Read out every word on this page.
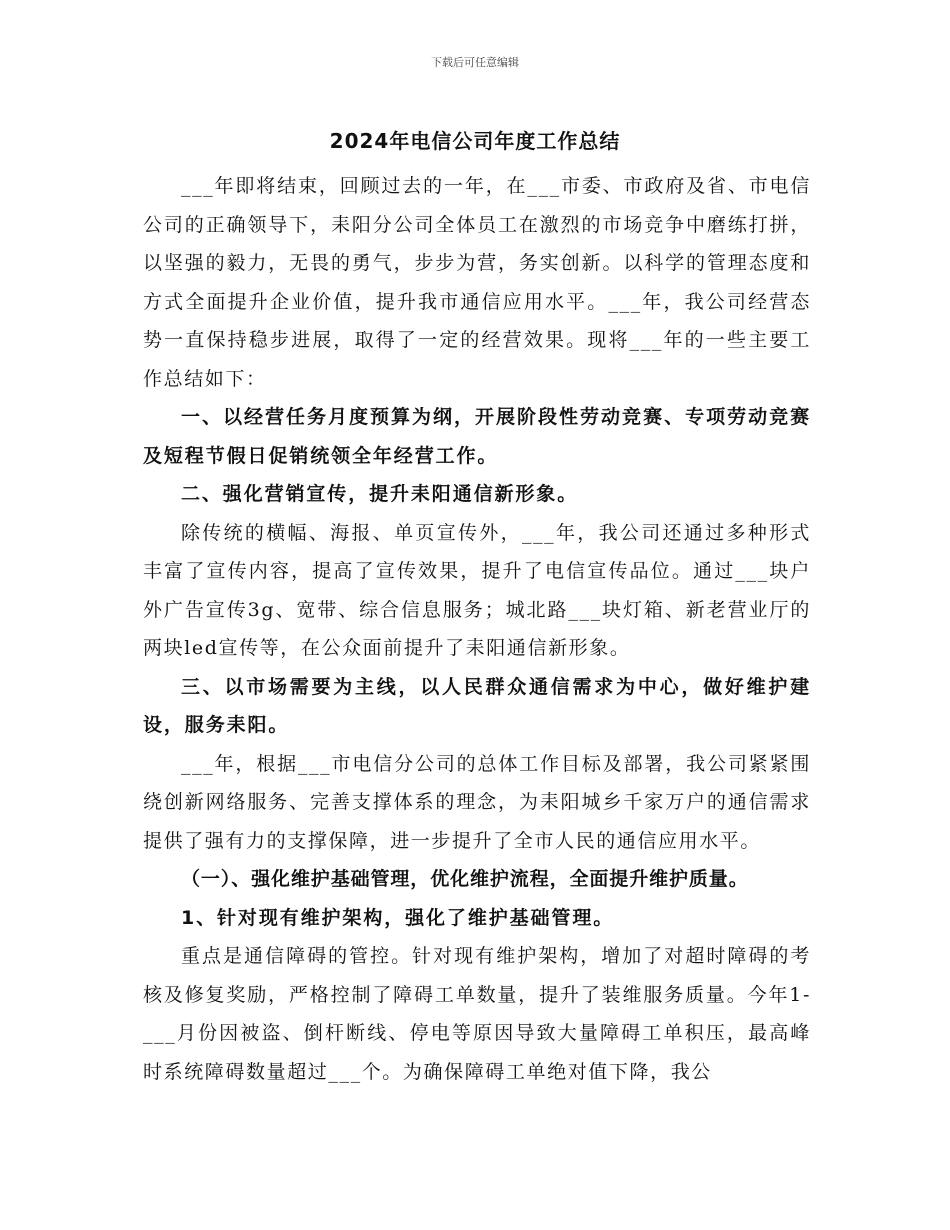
下载后可任意编辑
2024年电信公司年度工作总结

___年即将结束，回顾过去的一年，在___市委、市政府及省、市电信公司的正确领导下，耒阳分公司全体员工在激烈的市场竞争中磨练打拼，以坚强的毅力，无畏的勇气，步步为营，务实创新。以科学的管理态度和方式全面提升企业价值，提升我市通信应用水平。___年，我公司经营态势一直保持稳步进展，取得了一定的经营效果。现将___年的一些主要工作总结如下：

一、以经营任务月度预算为纲，开展阶段性劳动竞赛、专项劳动竞赛及短程节假日促销统领全年经营工作。

二、强化营销宣传，提升耒阳通信新形象。

除传统的横幅、海报、单页宣传外，___年，我公司还通过多种形式丰富了宣传内容，提高了宣传效果，提升了电信宣传品位。通过___块户外广告宣传3g、宽带、综合信息服务；城北路___块灯箱、新老营业厅的两块led宣传等，在公众面前提升了耒阳通信新形象。

三、以市场需要为主线，以人民群众通信需求为中心，做好维护建设，服务耒阳。

___年，根据___市电信分公司的总体工作目标及部署，我公司紧紧围绕创新网络服务、完善支撑体系的理念，为耒阳城乡千家万户的通信需求提供了强有力的支撑保障，进一步提升了全市人民的通信应用水平。

（一）、强化维护基础管理，优化维护流程，全面提升维护质量。

1、针对现有维护架构，强化了维护基础管理。

重点是通信障碍的管控。针对现有维护架构，增加了对超时障碍的考核及修复奖励，严格控制了障碍工单数量，提升了装维服务质量。今年1-___月份因被盗、倒杆断线、停电等原因导致大量障碍工单积压，最高峰时系统障碍数量超过___个。为确保障碍工单绝对值下降，我公
